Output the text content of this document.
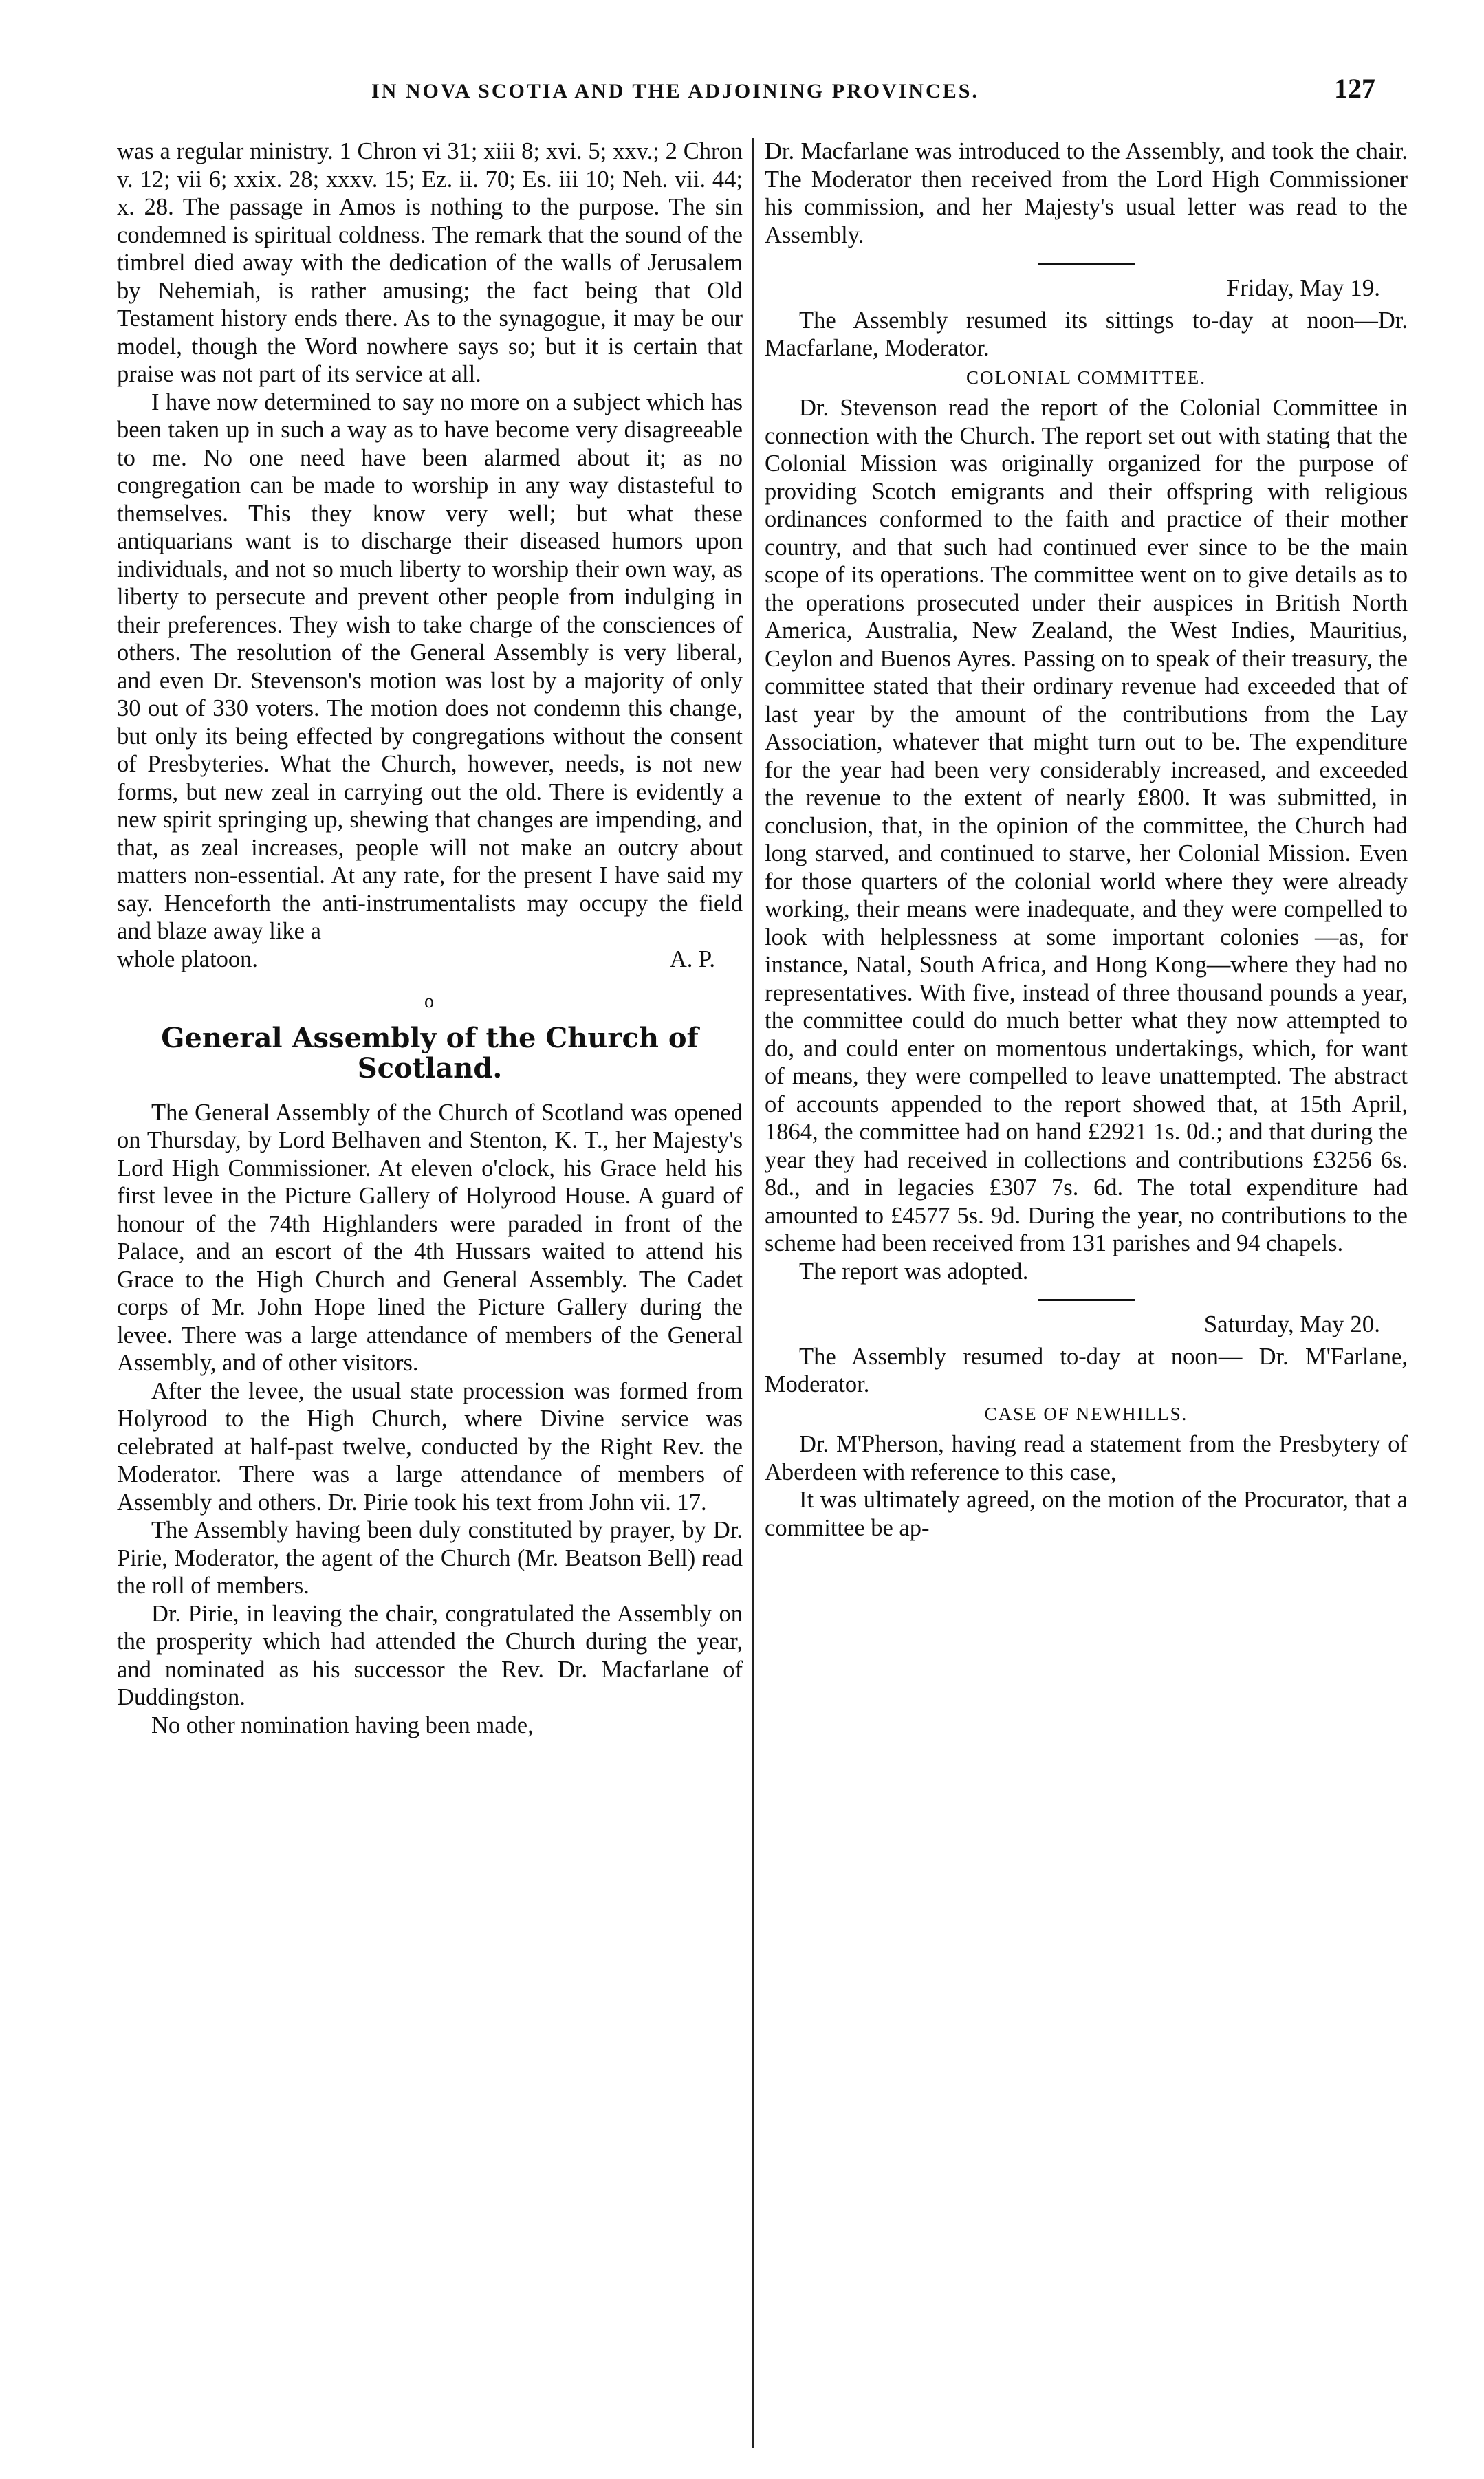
IN NOVA SCOTIA AND THE ADJOINING PROVINCES.	127

was a regular ministry. 1 Chron vi 31; xiii 8; xvi. 5; xxv.; 2 Chron v. 12; vii 6; xxix. 28; xxxv. 15; Ez. ii. 70; Es. iii 10; Neh. vii. 44; x. 28. The passage in Amos is nothing to the purpose. The sin condemned is spiritual coldness. The remark that the sound of the timbrel died away with the dedication of the walls of Jerusalem by Nehemiah, is rather amusing; the fact being that Old Testament history ends there. As to the synagogue, it may be our model, though the Word nowhere says so; but it is certain that praise was not part of its service at all.

I have now determined to say no more on a subject which has been taken up in such a way as to have become very disagreeable to me. No one need have been alarmed about it; as no congregation can be made to worship in any way distasteful to themselves. This they know very well; but what these antiquarians want is to discharge their diseased humors upon individuals, and not so much liberty to worship their own way, as liberty to persecute and prevent other people from indulging in their preferences. They wish to take charge of the consciences of others. The resolution of the General Assembly is very liberal, and even Dr. Stevenson's motion was lost by a majority of only 30 out of 330 voters. The motion does not condemn this change, but only its being effected by congregations without the consent of Presbyteries. What the Church, however, needs, is not new forms, but new zeal in carrying out the old. There is evidently a new spirit springing up, shewing that changes are impending, and that, as zeal increases, people will not make an outcry about matters non-essential. At any rate, for the present I have said my say. Henceforth the anti-instrumentalists may occupy the field and blaze away like a

whole platoon.	A. P.
o
General Assembly of the Church of Scotland.

The General Assembly of the Church of Scotland was opened on Thursday, by Lord Belhaven and Stenton, K. T., her Majesty's Lord High Commissioner. At eleven o'clock, his Grace held his first levee in the Picture Gallery of Holyrood House. A guard of honour of the 74th Highlanders were paraded in front of the Palace, and an escort of the 4th Hussars waited to attend his Grace to the High Church and General Assembly. The Cadet corps of Mr. John Hope lined the Picture Gallery during the levee. There was a large attendance of members of the General Assembly, and of other visitors.

After the levee, the usual state procession was formed from Holyrood to the High Church, where Divine service was celebrated at half-past twelve, conducted by the Right Rev. the Moderator. There was a large attendance of members of Assembly and others. Dr. Pirie took his text from John vii. 17.

The Assembly having been duly constituted by prayer, by Dr. Pirie, Moderator, the agent of the Church (Mr. Beatson Bell) read the roll of members.

Dr. Pirie, in leaving the chair, congratulated the Assembly on the prosperity which had attended the Church during the year, and nominated as his successor the Rev. Dr. Macfarlane of Duddingston.

No other nomination having been made,

Dr. Macfarlane was introduced to the Assembly, and took the chair. The Moderator then received from the Lord High Commissioner his commission, and her Majesty's usual letter was read to the Assembly.

Friday, May 19.

The Assembly resumed its sittings to-day at noon—Dr. Macfarlane, Moderator.

COLONIAL COMMITTEE.

Dr. Stevenson read the report of the Colonial Committee in connection with the Church. The report set out with stating that the Colonial Mission was originally organized for the purpose of providing Scotch emigrants and their offspring with religious ordinances conformed to the faith and practice of their mother country, and that such had continued ever since to be the main scope of its operations. The committee went on to give details as to the operations prosecuted under their auspices in British North America, Australia, New Zealand, the West Indies, Mauritius, Ceylon and Buenos Ayres. Passing on to speak of their treasury, the committee stated that their ordinary revenue had exceeded that of last year by the amount of the contributions from the Lay Association, whatever that might turn out to be. The expenditure for the year had been very considerably increased, and exceeded the revenue to the extent of nearly £800. It was submitted, in conclusion, that, in the opinion of the committee, the Church had long starved, and continued to starve, her Colonial Mission. Even for those quarters of the colonial world where they were already working, their means were inadequate, and they were compelled to look with helplessness at some important colonies —as, for instance, Natal, South Africa, and Hong Kong—where they had no representatives. With five, instead of three thousand pounds a year, the committee could do much better what they now attempted to do, and could enter on momentous undertakings, which, for want of means, they were compelled to leave unattempted. The abstract of accounts appended to the report showed that, at 15th April, 1864, the committee had on hand £2921 1s. 0d.; and that during the year they had received in collections and contributions £3256 6s. 8d., and in legacies £307 7s. 6d. The total expenditure had amounted to £4577 5s. 9d. During the year, no contributions to the scheme had been received from 131 parishes and 94 chapels.

The report was adopted.

Saturday, May 20.

The Assembly resumed to-day at noon— Dr. M'Farlane, Moderator.

CASE OF NEWHILLS.

Dr. M'Pherson, having read a statement from the Presbytery of Aberdeen with reference to this case,

It was ultimately agreed, on the motion of the Procurator, that a committee be ap-
